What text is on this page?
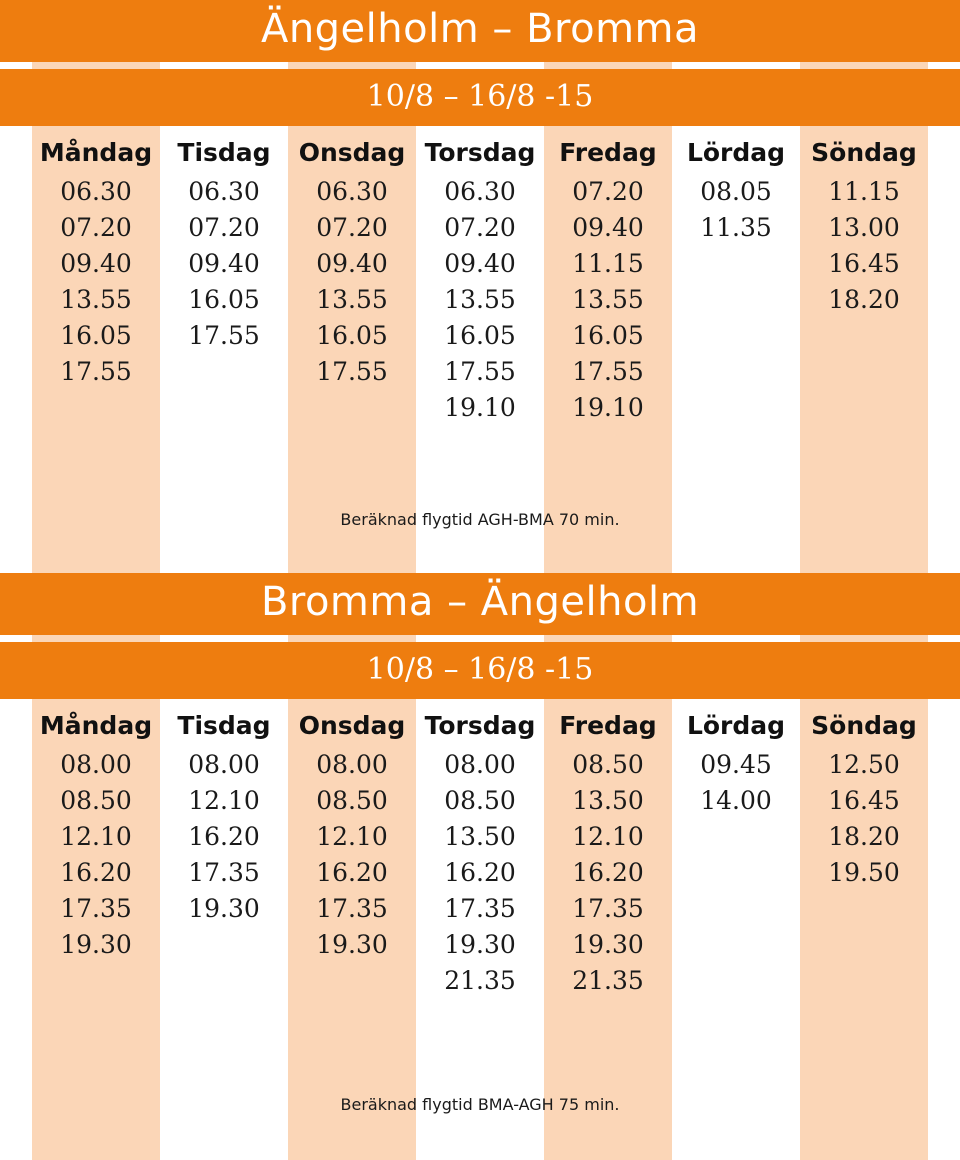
Ängelholm – Bromma
10/8 – 16/8 -15
Måndag
06.30
07.20
09.40
13.55
16.05
17.55
Tisdag
06.30
07.20
09.40
16.05
17.55
Onsdag
06.30
07.20
09.40
13.55
16.05
17.55
Torsdag
06.30
07.20
09.40
13.55
16.05
17.55
19.10
Fredag
07.20
09.40
11.15
13.55
16.05
17.55
19.10
Lördag
08.05
11.35
Söndag
11.15
13.00
16.45
18.20
Beräknad flygtid AGH-BMA 70 min.
Bromma – Ängelholm
10/8 – 16/8 -15
Måndag
08.00
08.50
12.10
16.20
17.35
19.30
Tisdag
08.00
12.10
16.20
17.35
19.30
Onsdag
08.00
08.50
12.10
16.20
17.35
19.30
Torsdag
08.00
08.50
13.50
16.20
17.35
19.30
21.35
Fredag
08.50
13.50
12.10
16.20
17.35
19.30
21.35
Lördag
09.45
14.00
Söndag
12.50
16.45
18.20
19.50
Beräknad flygtid BMA-AGH 75 min.
